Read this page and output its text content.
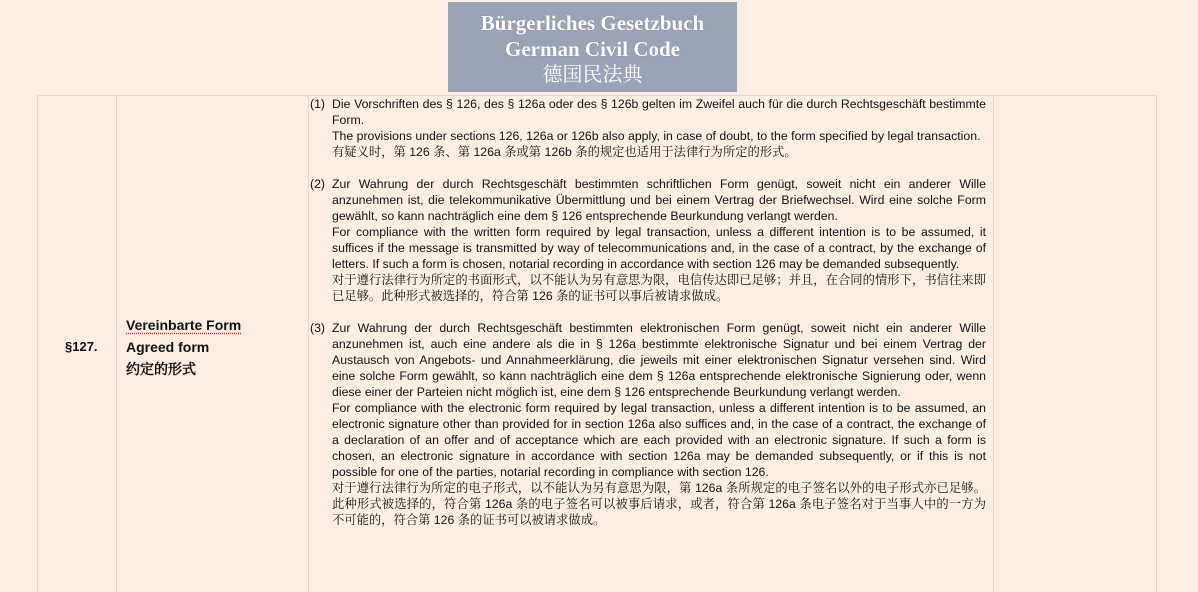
Bürgerliches Gesetzbuch
German Civil Code
德国民法典
§127.
Vereinbarte Form
Agreed form
约定的形式
(1) Die Vorschriften des § 126, des § 126a oder des § 126b gelten im Zweifel auch für die durch Rechtsgeschäft bestimmte Form.

The provisions under sections 126, 126a or 126b also apply, in case of doubt, to the form specified by legal transaction.

有疑义时，第 126 条、第 126a 条或第 126b 条的规定也适用于法律行为所定的形式。

(2) Zur Wahrung der durch Rechtsgeschäft bestimmten schriftlichen Form genügt, soweit nicht ein anderer Wille anzunehmen ist, die telekommunikative Übermittlung und bei einem Vertrag der Briefwechsel. Wird eine solche Form gewählt, so kann nachträglich eine dem § 126 entsprechende Beurkundung verlangt werden.

For compliance with the written form required by legal transaction, unless a different intention is to be assumed, it suffices if the message is transmitted by way of telecommunications and, in the case of a contract, by the exchange of letters. If such a form is chosen, notarial recording in accordance with section 126 may be demanded subsequently.

对于遵行法律行为所定的书面形式，以不能认为另有意思为限，电信传达即已足够；并且，在合同的情形下，书信往来即已足够。此种形式被选择的，符合第 126 条的证书可以事后被请求做成。

(3) Zur Wahrung der durch Rechtsgeschäft bestimmten elektronischen Form genügt, soweit nicht ein anderer Wille anzunehmen ist, auch eine andere als die in § 126a bestimmte elektronische Signatur und bei einem Vertrag der Austausch von Angebots- und Annahmeerklärung, die jeweils mit einer elektronischen Signatur versehen sind. Wird eine solche Form gewählt, so kann nachträglich eine dem § 126a entsprechende elektronische Signierung oder, wenn diese einer der Parteien nicht möglich ist, eine dem § 126 entsprechende Beurkundung verlangt werden.

For compliance with the electronic form required by legal transaction, unless a different intention is to be assumed, an electronic signature other than provided for in section 126a also suffices and, in the case of a contract, the exchange of a declaration of an offer and of acceptance which are each provided with an electronic signature. If such a form is chosen, an electronic signature in accordance with section 126a may be demanded subsequently, or if this is not possible for one of the parties, notarial recording in compliance with section 126.

对于遵行法律行为所定的电子形式，以不能认为另有意思为限，第 126a 条所规定的电子签名以外的电子形式亦已足够。此种形式被选择的，符合第 126a 条的电子签名可以被事后请求，或者，符合第 126a 条电子签名对于当事人中的一方为不可能的，符合第 126 条的证书可以被请求做成。
